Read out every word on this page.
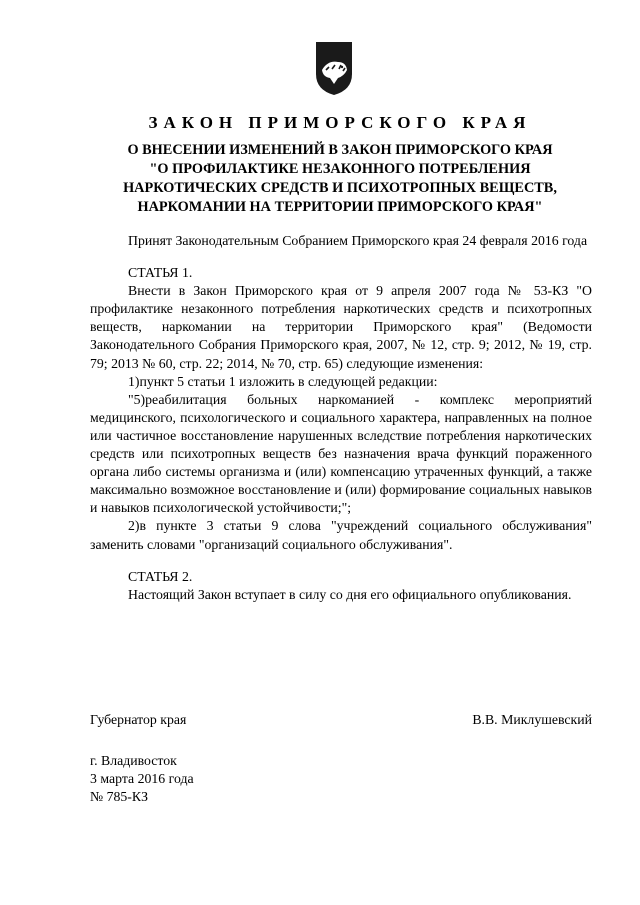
ЗАКОН ПРИМОРСКОГО КРАЯ
О ВНЕСЕНИИ ИЗМЕНЕНИЙ В ЗАКОН ПРИМОРСКОГО КРАЯ
"О ПРОФИЛАКТИКЕ НЕЗАКОННОГО ПОТРЕБЛЕНИЯ
НАРКОТИЧЕСКИХ СРЕДСТВ И ПСИХОТРОПНЫХ ВЕЩЕСТВ,
НАРКОМАНИИ НА ТЕРРИТОРИИ ПРИМОРСКОГО КРАЯ"

Принят Законодательным Собранием Приморского края 24 февраля 2016 года

СТАТЬЯ 1.

Внести в Закон Приморского края от 9 апреля 2007 года № 53-КЗ "О профилактике незаконного потребления наркотических средств и психотропных веществ, наркомании на территории Приморского края" (Ведомости Законодательного Собрания Приморского края, 2007, № 12, стр. 9; 2012, № 19, стр. 79; 2013 № 60, стр. 22; 2014, № 70, стр. 65) следующие изменения:

1)пункт 5 статьи 1 изложить в следующей редакции:

"5)реабилитация больных наркоманией - комплекс мероприятий медицинского, психологического и социального характера, направленных на полное или частичное восстановление нарушенных вследствие потребления наркотических средств или психотропных веществ без назначения врача функций пораженного органа либо системы организма и (или) компенсацию утраченных функций, а также максимально возможное восстановление и (или) формирование социальных навыков и навыков психологической устойчивости;";

2)в пункте 3 статьи 9 слова "учреждений социального обслуживания" заменить словами "организаций социального обслуживания".

СТАТЬЯ 2.

Настоящий Закон вступает в силу со дня его официального опубликования.

Губернатор края	В.В. Миклушевский
г. Владивосток
3 марта 2016 года
№ 785-КЗ
